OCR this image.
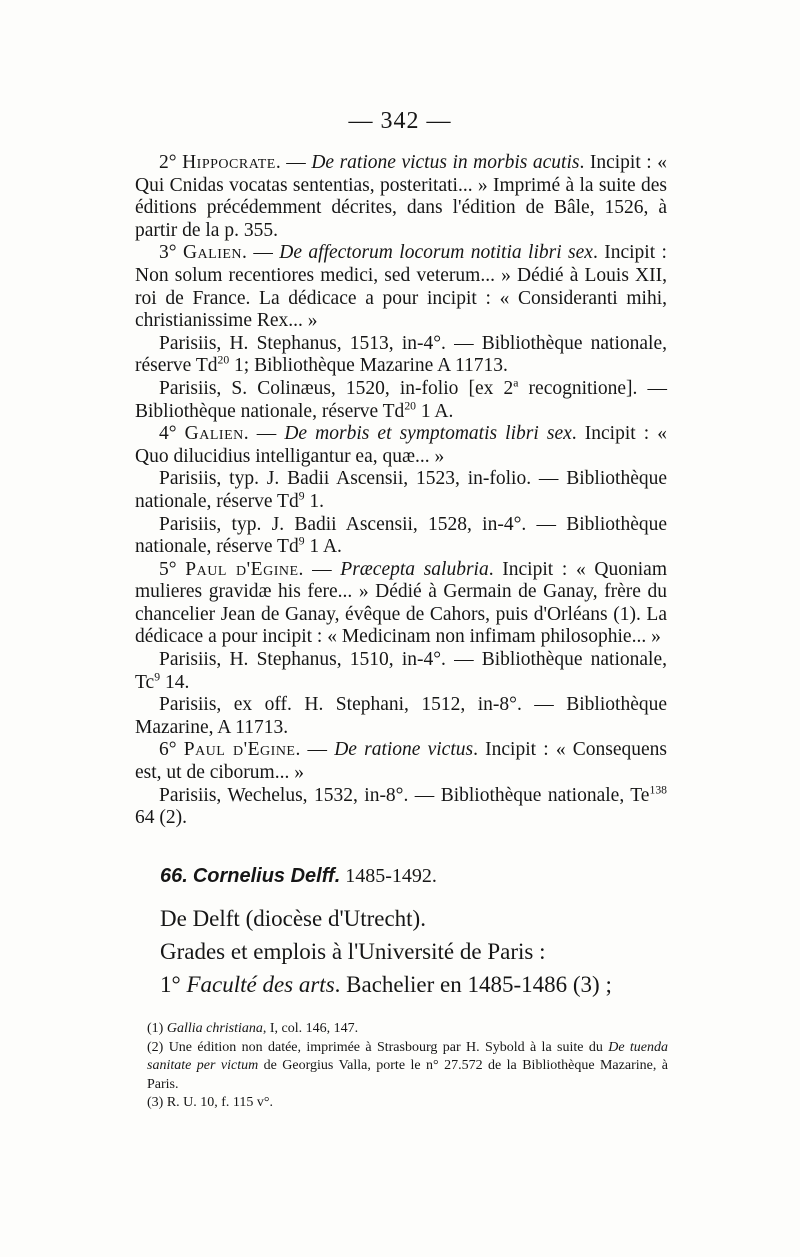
— 342 —

2° Hippocrate. — De ratione victus in morbis acutis. Incipit : « Qui Cnidas vocatas sententias, posteritati... » Imprimé à la suite des éditions précédemment décrites, dans l'édition de Bâle, 1526, à partir de la p. 355.

3° Galien. — De affectorum locorum notitia libri sex. Incipit : Non solum recentiores medici, sed veterum... » Dédié à Louis XII, roi de France. La dédicace a pour incipit : « Consideranti mihi, christianissime Rex... »

Parisiis, H. Stephanus, 1513, in-4°. — Bibliothèque nationale, réserve Td$^{20}$ 1; Bibliothèque Mazarine A 11713.

Parisiis, S. Colinæus, 1520, in-folio [ex 2$^a$ recognitione]. — Bibliothèque nationale, réserve Td$^{20}$ 1 A.

4° Galien. — De morbis et symptomatis libri sex. Incipit : « Quo dilucidius intelligantur ea, quæ... »

Parisiis, typ. J. Badii Ascensii, 1523, in-folio. — Bibliothèque nationale, réserve Td$^9$ 1.

Parisiis, typ. J. Badii Ascensii, 1528, in-4°. — Bibliothèque nationale, réserve Td$^9$ 1 A.

5° Paul d'Egine. — Præcepta salubria. Incipit : « Quoniam mulieres gravidæ his fere... » Dédié à Germain de Ganay, frère du chancelier Jean de Ganay, évêque de Cahors, puis d'Orléans (1). La dédicace a pour incipit : « Medicinam non infimam philosophie... »

Parisiis, H. Stephanus, 1510, in-4°. — Bibliothèque nationale, Tc$^9$ 14.

Parisiis, ex off. H. Stephani, 1512, in-8°. — Bibliothèque Mazarine, A 11713.

6° Paul d'Egine. — De ratione victus. Incipit : « Consequens est, ut de ciborum... »

Parisiis, Wechelus, 1532, in-8°. — Bibliothèque nationale, Te$^{138}$ 64 (2).

66. Cornelius Delff. 1485-1492.

De Delft (diocèse d'Utrecht).

Grades et emplois à l'Université de Paris :

1° Faculté des arts. Bachelier en 1485-1486 (3) ;

(1) Gallia christiana, I, col. 146, 147.

(2) Une édition non datée, imprimée à Strasbourg par H. Sybold à la suite du De tuenda sanitate per victum de Georgius Valla, porte le n° 27.572 de la Bibliothèque Mazarine, à Paris.

(3) R. U. 10, f. 115 v°.
